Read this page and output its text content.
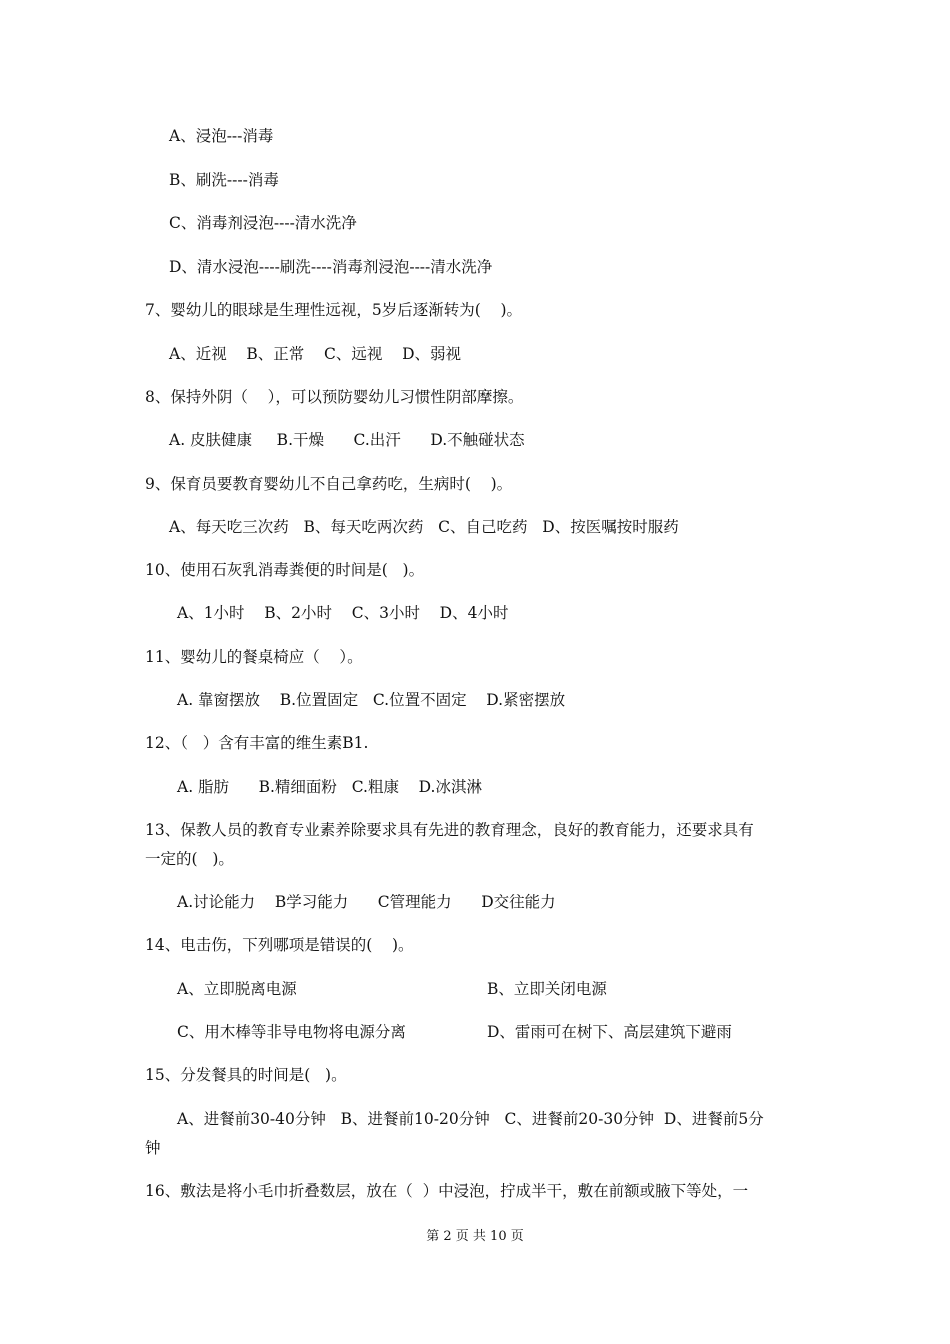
A、浸泡---消毒
B、刷洗----消毒
C、消毒剂浸泡----清水洗净
D、清水浸泡----刷洗----消毒剂浸泡----清水洗净
7、婴幼儿的眼球是生理性远视，5岁后逐渐转为(    )。
A、近视    B、正常    C、远视    D、弱视
8、保持外阴（    ），可以预防婴幼儿习惯性阴部摩擦。
A. 皮肤健康     B.干燥      C.出汗      D.不触碰状态
9、保育员要教育婴幼儿不自己拿药吃，生病时(    )。
A、每天吃三次药   B、每天吃两次药   C、自己吃药   D、按医嘱按时服药
10、使用石灰乳消毒粪便的时间是(   )。
A、1小时    B、2小时    C、3小时    D、4小时
11、婴幼儿的餐桌椅应（    ）。
A. 靠窗摆放    B.位置固定   C.位置不固定    D.紧密摆放
12、（   ）含有丰富的维生素B1.
A. 脂肪      B.精细面粉   C.粗康    D.冰淇淋
13、保教人员的教育专业素养除要求具有先进的教育理念，良好的教育能力，还要求具有
一定的(   )。
A.讨论能力    B学习能力      C管理能力      D交往能力
14、电击伤，下列哪项是错误的(    )。
A、立即脱离电源	B、立即关闭电源
C、用木棒等非导电物将电源分离	D、雷雨可在树下、高层建筑下避雨
15、分发餐具的时间是(   )。
A、进餐前30-40分钟   B、进餐前10-20分钟   C、进餐前20-30分钟  D、进餐前5分
钟
16、敷法是将小毛巾折叠数层，放在（  ）中浸泡，拧成半干，敷在前额或腋下等处，一
第 2 页 共 10 页
